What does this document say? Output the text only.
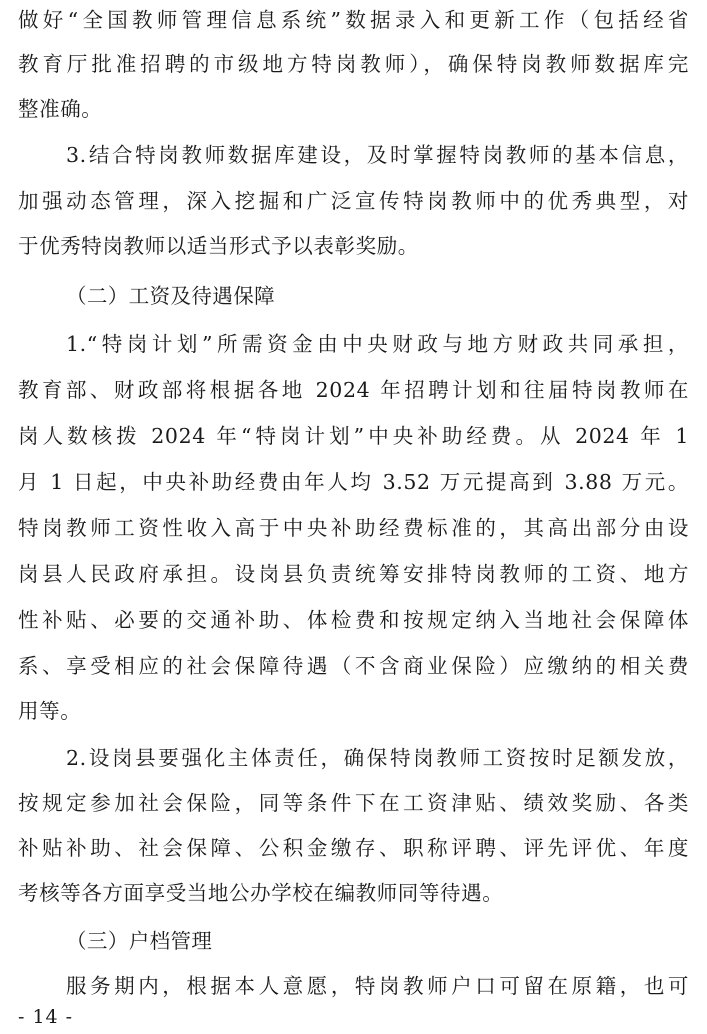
做好“全国教师管理信息系统”数据录入和更新工作（包括经省
教育厅批准招聘的市级地方特岗教师），确保特岗教师数据库完
整准确。
3.结合特岗教师数据库建设，及时掌握特岗教师的基本信息，
加强动态管理，深入挖掘和广泛宣传特岗教师中的优秀典型，对
于优秀特岗教师以适当形式予以表彰奖励。
（二）工资及待遇保障
1.“特岗计划”所需资金由中央财政与地方财政共同承担，
教育部、财政部将根据各地 2024 年招聘计划和往届特岗教师在
岗人数核拨 2024 年“特岗计划”中央补助经费。从 2024 年 1
月 1 日起，中央补助经费由年人均 3.52 万元提高到 3.88 万元。
特岗教师工资性收入高于中央补助经费标准的，其高出部分由设
岗县人民政府承担。设岗县负责统筹安排特岗教师的工资、地方
性补贴、必要的交通补助、体检费和按规定纳入当地社会保障体
系、享受相应的社会保障待遇（不含商业保险）应缴纳的相关费
用等。
2.设岗县要强化主体责任，确保特岗教师工资按时足额发放，
按规定参加社会保险，同等条件下在工资津贴、绩效奖励、各类
补贴补助、社会保障、公积金缴存、职称评聘、评先评优、年度
考核等各方面享受当地公办学校在编教师同等待遇。
（三）户档管理
服务期内，根据本人意愿，特岗教师户口可留在原籍，也可
- 14 -
